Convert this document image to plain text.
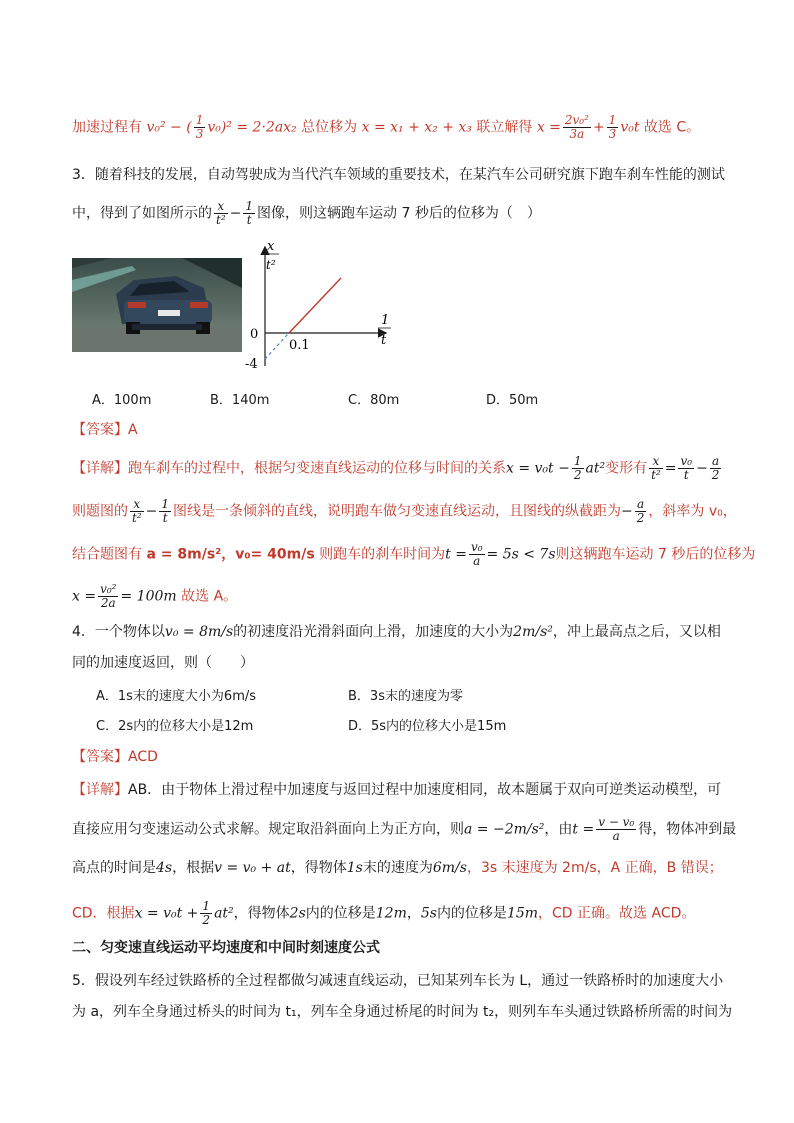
加速过程有 v₀² − ( $\frac{1}{3} v_0)^2 = 2\cdot 2ax_2$ 总位移为 x = x₁ + x₂ + x₃ 联立解得 $x = \frac{\text{2v₀²}}{3a} + \frac{1}{3} v_0t$ 故选 C。
3．随着科技的发展，自动驾驶成为当代汽车领域的重要技术，在某汽车公司研究旗下跑车刹车性能的测试
中，得到了如图所示的 $\frac{x}{\text{t²}} - \frac{1}{t}$ 图像，则这辆跑车运动 7 秒后的位移为（　）
x
t²
1
t
0
0.1
-4
A．100m	B．140m	C．80m	D．50m
【答案】A
【详解】跑车刹车的过程中，根据匀变速直线运动的位移与时间的关系$x = v_0t - \frac{1}{2} at^2$变形有 $\frac{x}{\text{t²}} = \frac{\text{v₀}}{t} - \frac{a}{2}$
则题图的 $\frac{x}{\text{t²}} - \frac{1}{t}$ 图线是一条倾斜的直线，说明跑车做匀变速直线运动，且图线的纵截距为− $\frac{a}{2}$ ，斜率为 v₀，
结合题图有 a = 8m/s²，v₀= 40m/s 则跑车的刹车时间为$t = \frac{\text{v₀}}{a} = 5s < 7s$则这辆跑车运动 7 秒后的位移为
$x = \frac{\text{v₀²}}{2a} = 100m$ 故选 A。
4．一个物体以v₀ = 8m/s的初速度沿光滑斜面向上滑，加速度的大小为2m/s²，冲上最高点之后，又以相
同的加速度返回，则（　　）
A．1s末的速度大小为6m/s	B．3s末的速度为零
C．2s内的位移大小是12m	D．5s内的位移大小是15m
【答案】ACD
【详解】AB．由于物体上滑过程中加速度与返回过程中加速度相同，故本题属于双向可逆类运动模型，可
直接应用匀变速运动公式求解。规定取沿斜面向上为正方向，则a = −2m/s²，由$t = \frac{\text{v − v₀}}{a}$ 得，物体冲到最
高点的时间是4s，根据v = v₀ + at，得物体1s末的速度为6m/s，3s 末速度为 2m/s，A 正确，B 错误；
CD．根据$x = v_0t + \frac{1}{2} at^2$，得物体2s内的位移是12m，5s内的位移是15m，CD 正确。故选 ACD。
二、匀变速直线运动平均速度和中间时刻速度公式
5．假设列车经过铁路桥的全过程都做匀减速直线运动，已知某列车长为 L，通过一铁路桥时的加速度大小
为 a，列车全身通过桥头的时间为 t₁，列车全身通过桥尾的时间为 t₂，则列车车头通过铁路桥所需的时间为
